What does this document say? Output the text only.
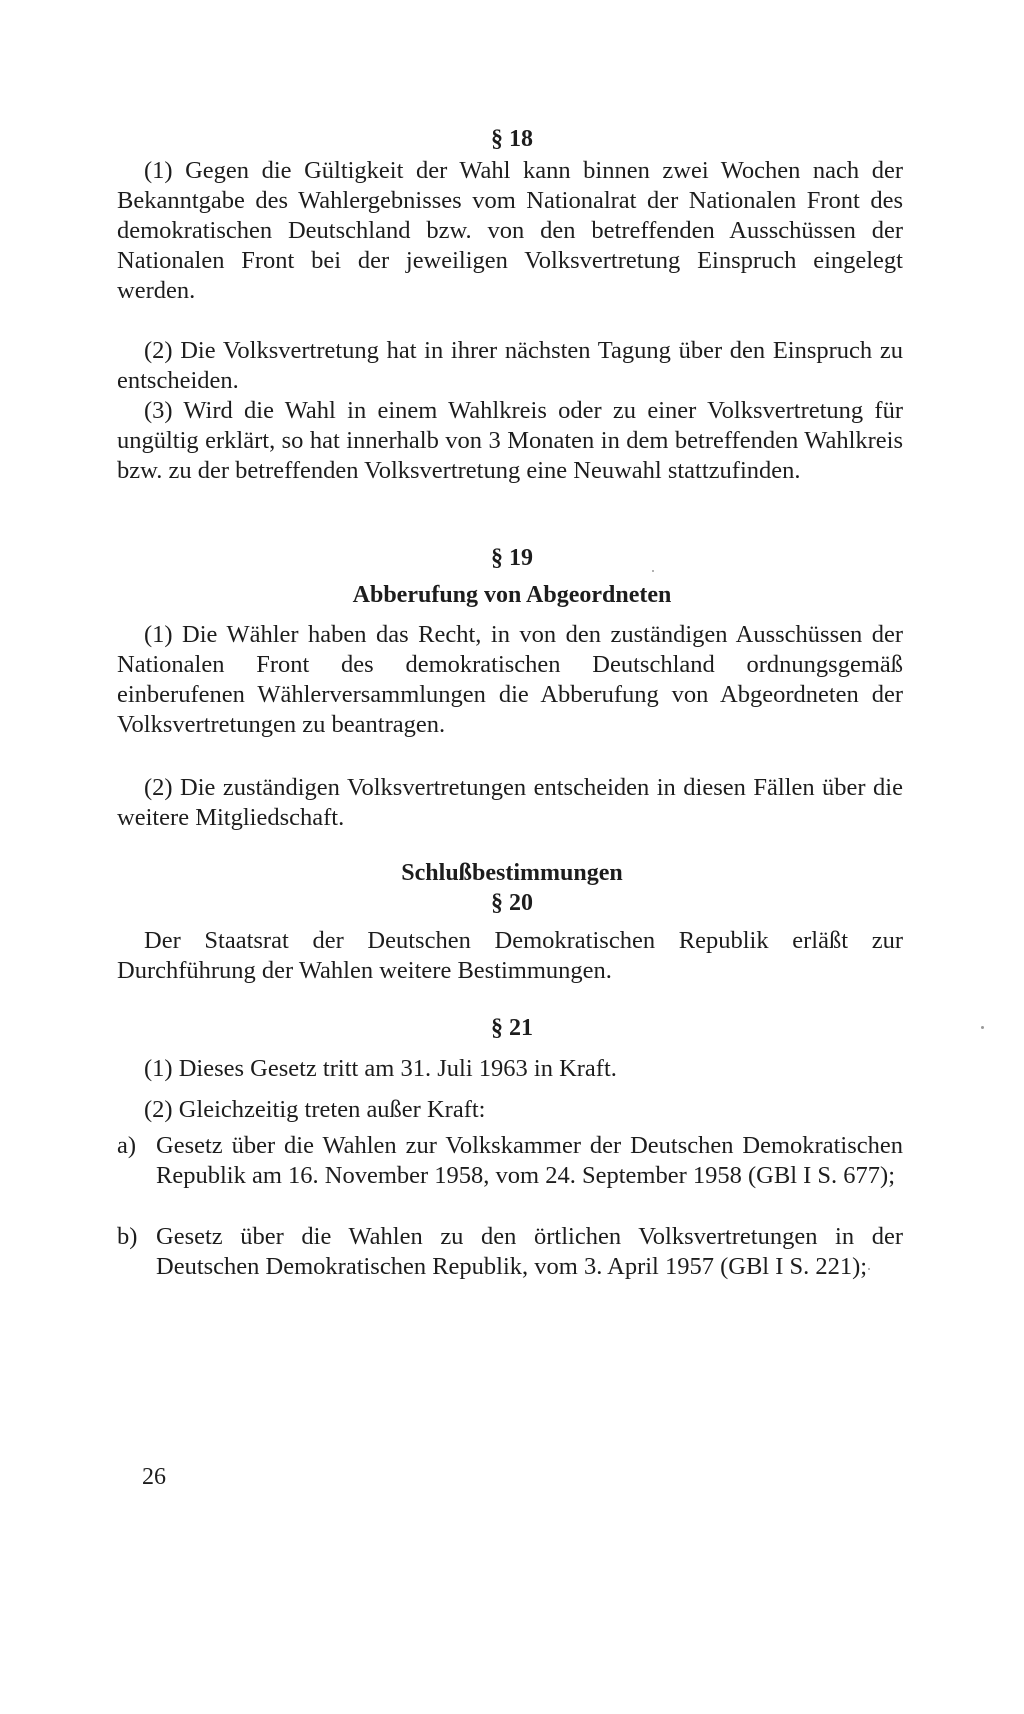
§ 18

(1) Gegen die Gültigkeit der Wahl kann binnen zwei Wochen nach der Bekanntgabe des Wahlergebnisses vom Nationalrat der Nationalen Front des demokratischen Deutschland bzw. von den betreffenden Ausschüssen der Nationalen Front bei der jeweiligen Volksvertretung Einspruch eingelegt werden.

(2) Die Volksvertretung hat in ihrer nächsten Tagung über den Einspruch zu entscheiden.

(3) Wird die Wahl in einem Wahlkreis oder zu einer Volksvertretung für ungültig erklärt, so hat innerhalb von 3 Monaten in dem betreffenden Wahlkreis bzw. zu der betreffenden Volksvertretung eine Neuwahl stattzufinden.

§ 19
Abberufung von Abgeordneten

(1) Die Wähler haben das Recht, in von den zuständigen Ausschüssen der Nationalen Front des demokratischen Deutschland ordnungsgemäß einberufenen Wählerversammlungen die Abberufung von Abgeordneten der Volksvertretungen zu beantragen.

(2) Die zuständigen Volksvertretungen entscheiden in diesen Fällen über die weitere Mitgliedschaft.

Schlußbestimmungen
§ 20

Der Staatsrat der Deutschen Demokratischen Republik erläßt zur Durchführung der Wahlen weitere Bestimmungen.

§ 21

(1) Dieses Gesetz tritt am 31. Juli 1963 in Kraft.

(2) Gleichzeitig treten außer Kraft:

a) Gesetz über die Wahlen zur Volkskammer der Deutschen Demokratischen Republik am 16. November 1958, vom 24. September 1958 (GBl I S. 677);
b) Gesetz über die Wahlen zu den örtlichen Volksvertretungen in der Deutschen Demokratischen Republik, vom 3. April 1957 (GBl I S. 221);

26
